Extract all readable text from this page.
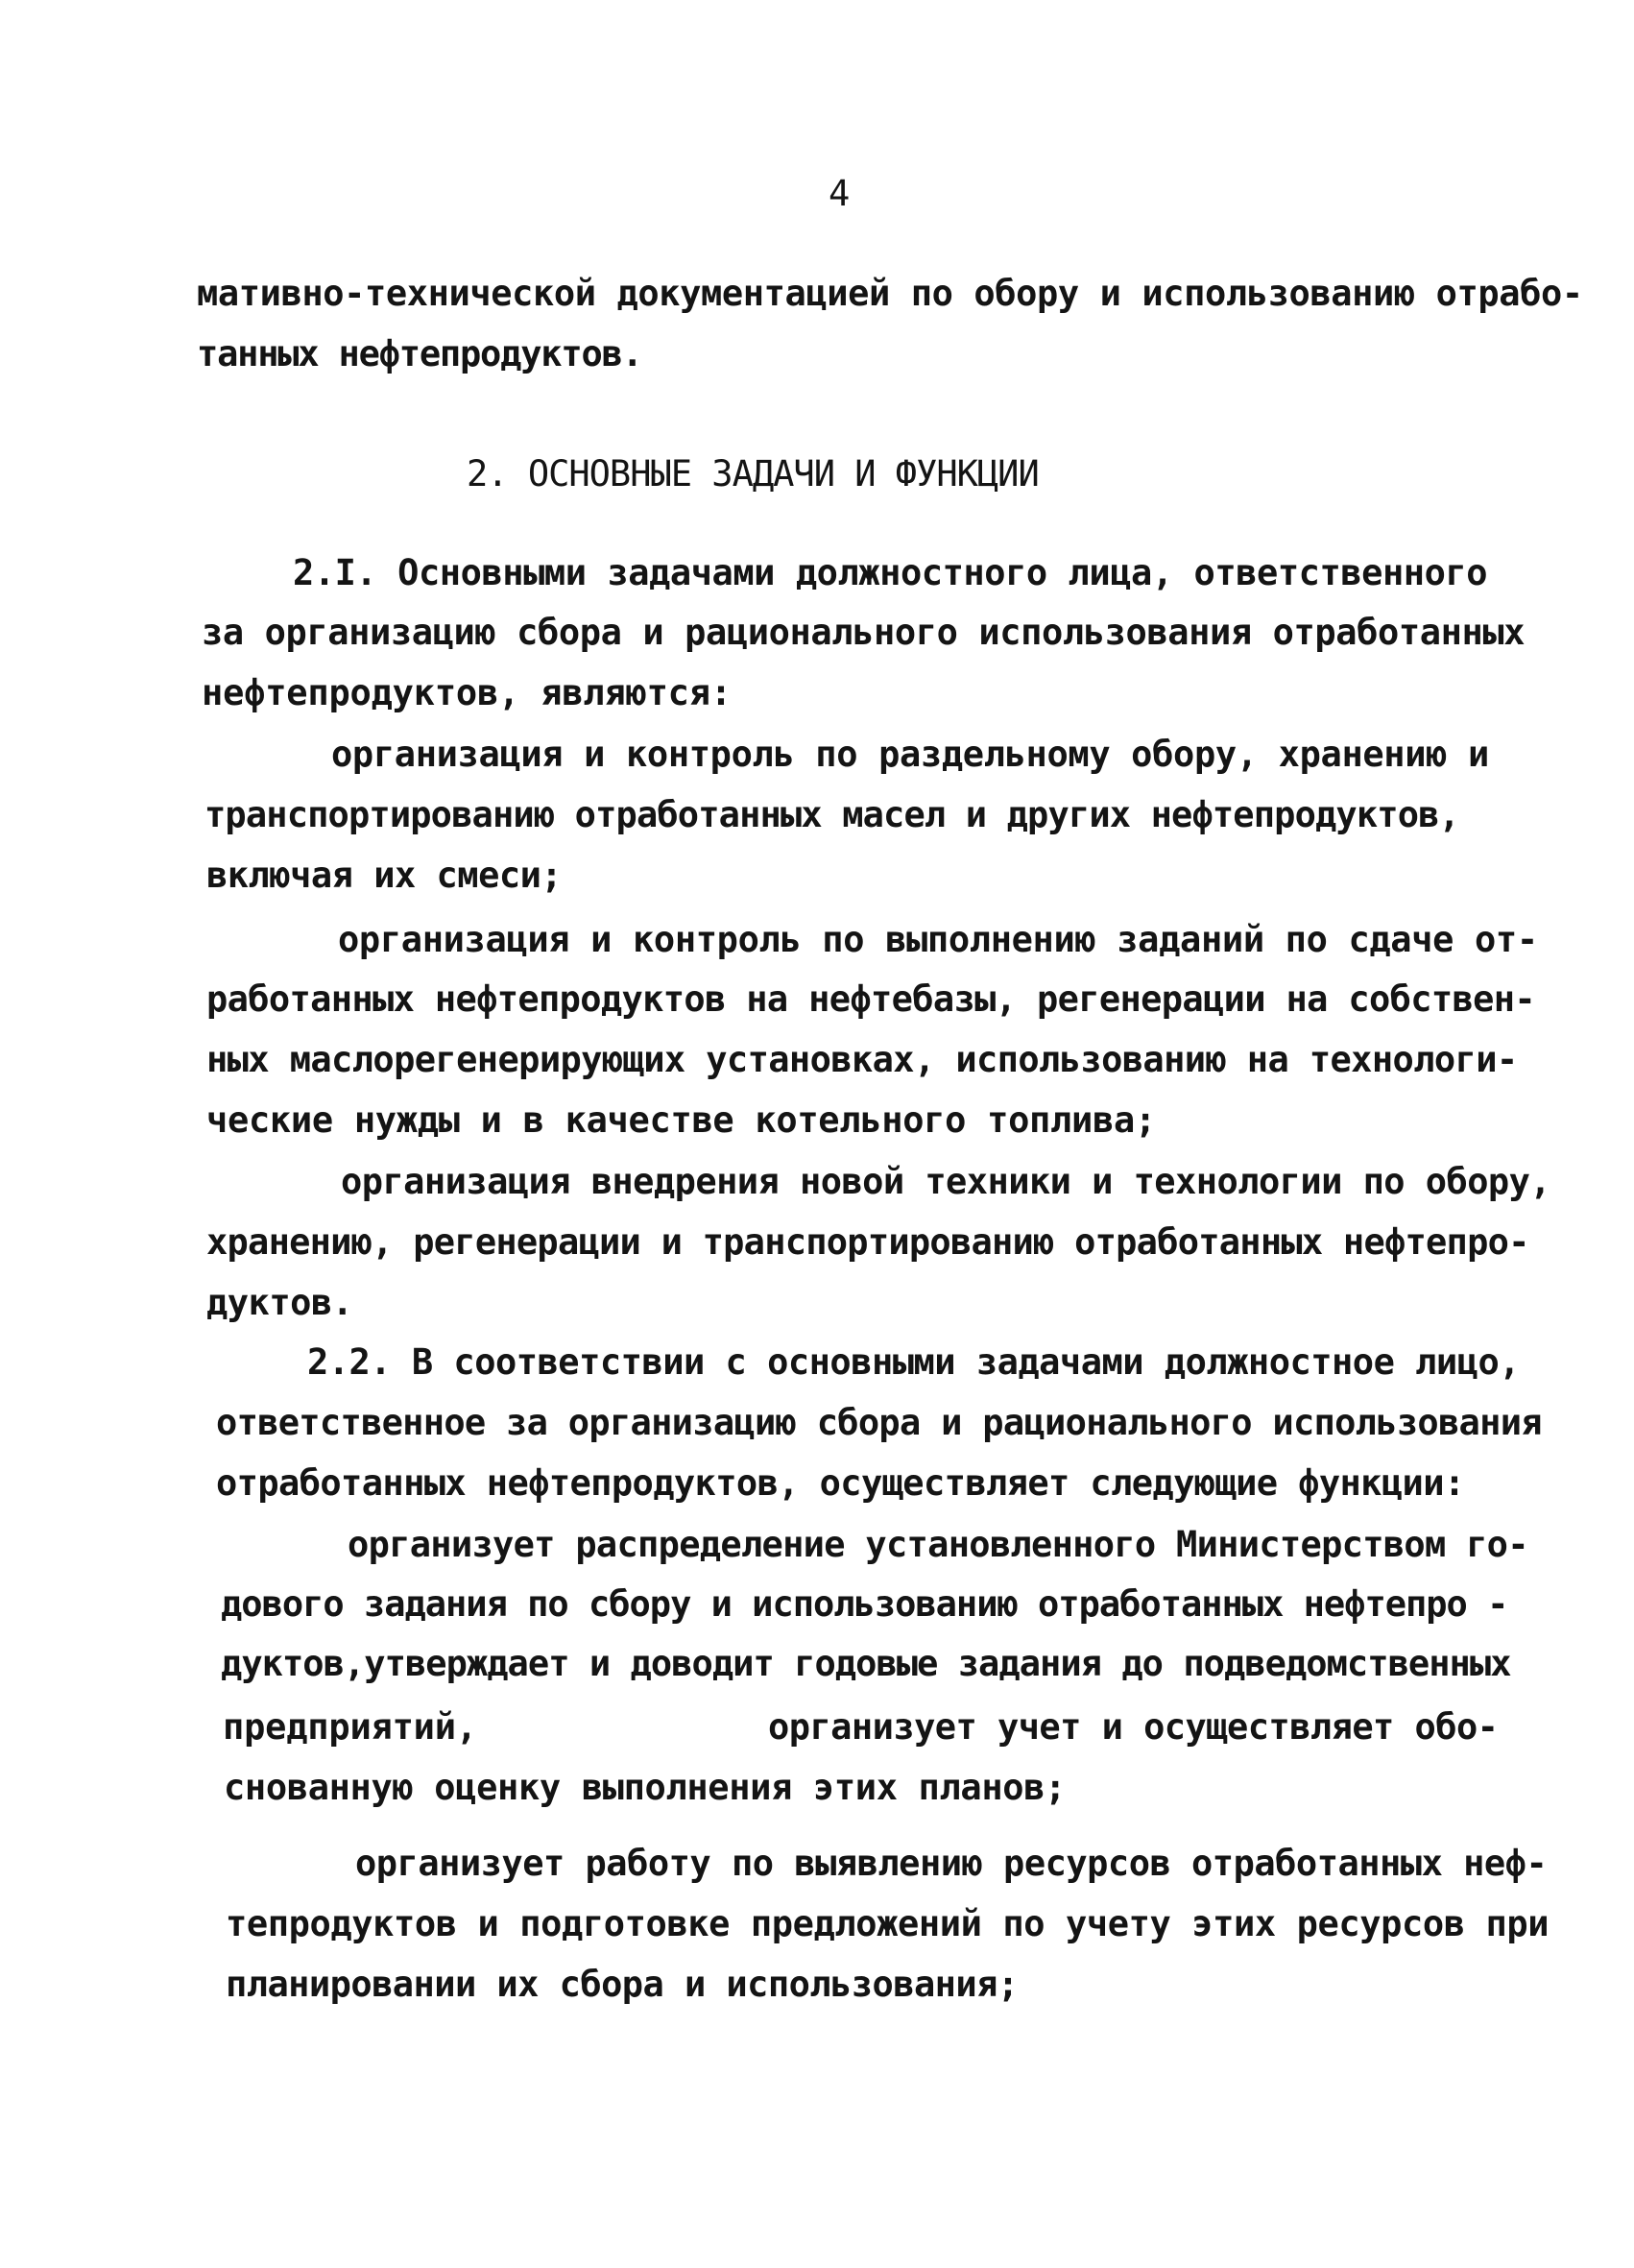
4
мативно-технической документацией по обору и использованию отрабо-
танных нефтепродуктов.
2. ОСНОВНЫЕ ЗАДАЧИ И ФУНКЦИИ
2.I. Основными задачами должностного лица, ответственного
за организацию сбора и рационального использования отработанных
нефтепродуктов, являются:
организация и контроль по раздельному обору, хранению и
транспортированию отработанных масел и других нефтепродуктов,
включая их смеси;
организация и контроль по выполнению заданий по сдаче от-
работанных нефтепродуктов на нефтебазы, регенерации на собствен-
ных маслорегенерирующих установках, использованию на технологи-
ческие нужды и в качестве котельного топлива;
организация внедрения новой техники и технологии по обору,
хранению, регенерации и транспортированию отработанных нефтепро-
дуктов.
2.2. В соответствии с основными задачами должностное лицо,
ответственное за организацию сбора и рационального использования
отработанных нефтепродуктов, осуществляет следующие функции:
организует распределение установленного Министерством го-
дового задания по сбору и использованию отработанных нефтепро -
дуктов,утверждает и доводит годовые задания до подведомственных
предприятий,	организует учет и осуществляет обо-
снованную оценку выполнения этих планов;
организует работу по выявлению ресурсов отработанных неф-
тепродуктов и подготовке предложений по учету этих ресурсов при
планировании их сбора и использования;
